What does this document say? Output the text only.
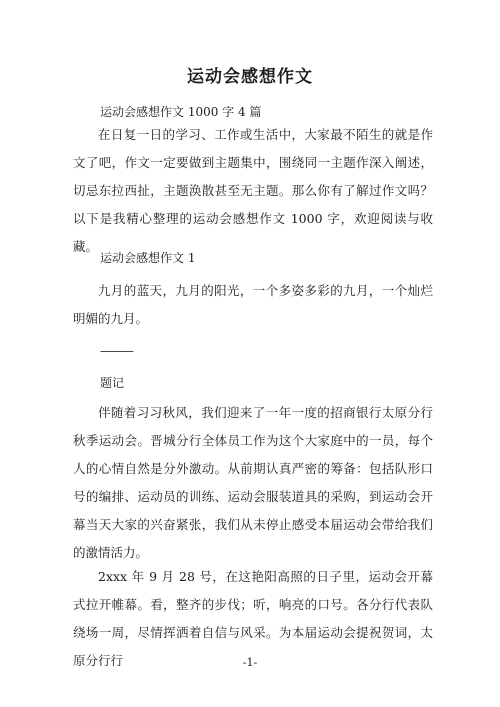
运动会感想作文
运动会感想作文 1000 字 4 篇

在日复一日的学习、工作或生活中，大家最不陌生的就是作文了吧，作文一定要做到主题集中，围绕同一主题作深入阐述，切忌东拉西扯，主题涣散甚至无主题。那么你有了解过作文吗？以下是我精心整理的运动会感想作文 1000 字，欢迎阅读与收藏。

运动会感想作文 1

九月的蓝天，九月的阳光，一个多姿多彩的九月，一个灿烂明媚的九月。

———
题记

伴随着习习秋风，我们迎来了一年一度的招商银行太原分行秋季运动会。晋城分行全体员工作为这个大家庭中的一员，每个人的心情自然是分外激动。从前期认真严密的筹备：包括队形口号的编排、运动员的训练、运动会服装道具的采购，到运动会开幕当天大家的兴奋紧张，我们从未停止感受本届运动会带给我们的激情活力。

2xxx 年 9 月 28 号，在这艳阳高照的日子里，运动会开幕式拉开帷幕。看，整齐的步伐；听，响亮的口号。各分行代表队绕场一周，尽情挥洒着自信与风采。为本届运动会提祝贺词，太原分行行	-1-
